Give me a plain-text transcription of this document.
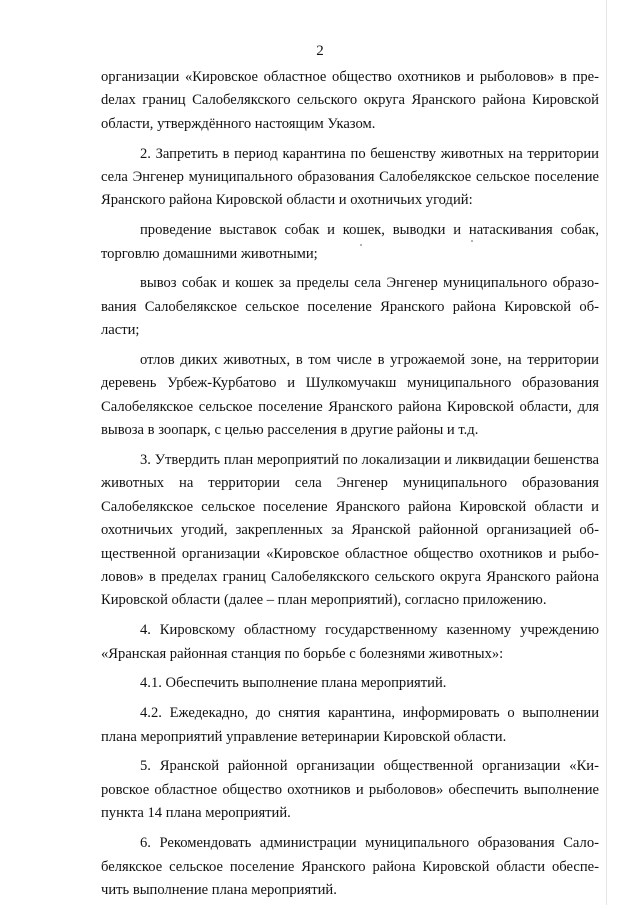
2

организации «Кировское областное общество охотников и рыболовов» в преdелах границ Салобелякского сельского округа Яранского района Кировской области, утверждённого настоящим Указом.

2. Запретить в период карантина по бешенству животных на территории села Энгенер муниципального образования Салобелякское сельское поселение Яранского района Кировской области и охотничьих угодий:

проведение выставок собак и кошек, выводки и натаскивания собак, торговлю домашними животными;

вывоз собак и кошек за пределы села Энгенер муниципального образования Салобелякское сельское поселение Яранского района Кировской области;

отлов диких животных, в том числе в угрожаемой зоне, на территории деревень Урбеж-Курбатово и Шулкомучакш муниципального образования Салобелякское сельское поселение Яранского района Кировской области, для вывоза в зоопарк, с целью расселения в другие районы и т.д.

3. Утвердить план мероприятий по локализации и ликвидации бешенства животных на территории села Энгенер муниципального образования Салобелякское сельское поселение Яранского района Кировской области и охотничьих угодий, закрепленных за Яранской районной организацией общественной организации «Кировское областное общество охотников и рыболовов» в пределах границ Салобелякского сельского округа Яранского района Кировской области (далее – план мероприятий), согласно приложению.

4. Кировскому областному государственному казенному учреждению «Яранская районная станция по борьбе с болезнями животных»:

4.1. Обеспечить выполнение плана мероприятий.

4.2. Ежедекадно, до снятия карантина, информировать о выполнении плана мероприятий управление ветеринарии Кировской области.

5. Яранской районной организации общественной организации «Кировское областное общество охотников и рыболовов» обеспечить выполнение пункта 14 плана мероприятий.

6. Рекомендовать администрации муниципального образования Салобелякское сельское поселение Яранского района Кировской области обеспечить выполнение плана мероприятий.
